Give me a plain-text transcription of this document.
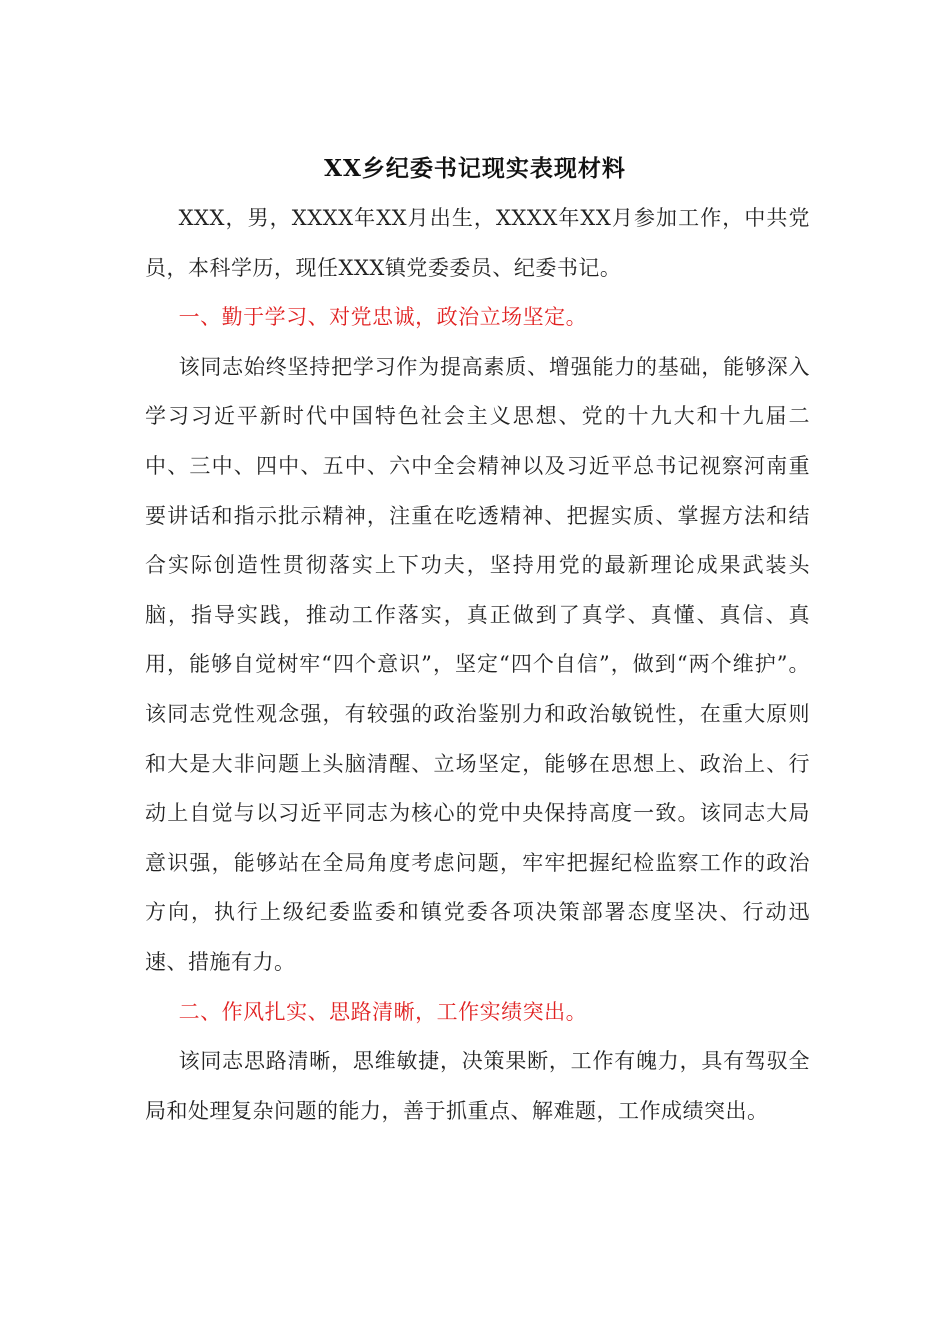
XX乡纪委书记现实表现材料

XXX，男，XXXX年XX月出生，XXXX年XX月参加工作，中共党员，本科学历，现任XXX镇党委委员、纪委书记。

一、勤于学习、对党忠诚，政治立场坚定。

该同志始终坚持把学习作为提高素质、增强能力的基础，能够深入学习习近平新时代中国特色社会主义思想、党的十九大和十九届二中、三中、四中、五中、六中全会精神以及习近平总书记视察河南重要讲话和指示批示精神，注重在吃透精神、把握实质、掌握方法和结合实际创造性贯彻落实上下功夫，坚持用党的最新理论成果武装头脑，指导实践，推动工作落实，真正做到了真学、真懂、真信、真用，能够自觉树牢“四个意识”，坚定“四个自信”，做到“两个维护”。该同志党性观念强，有较强的政治鉴别力和政治敏锐性，在重大原则和大是大非问题上头脑清醒、立场坚定，能够在思想上、政治上、行动上自觉与以习近平同志为核心的党中央保持高度一致。该同志大局意识强，能够站在全局角度考虑问题，牢牢把握纪检监察工作的政治方向，执行上级纪委监委和镇党委各项决策部署态度坚决、行动迅速、措施有力。

二、作风扎实、思路清晰，工作实绩突出。

该同志思路清晰，思维敏捷，决策果断，工作有魄力，具有驾驭全局和处理复杂问题的能力，善于抓重点、解难题，工作成绩突出。
